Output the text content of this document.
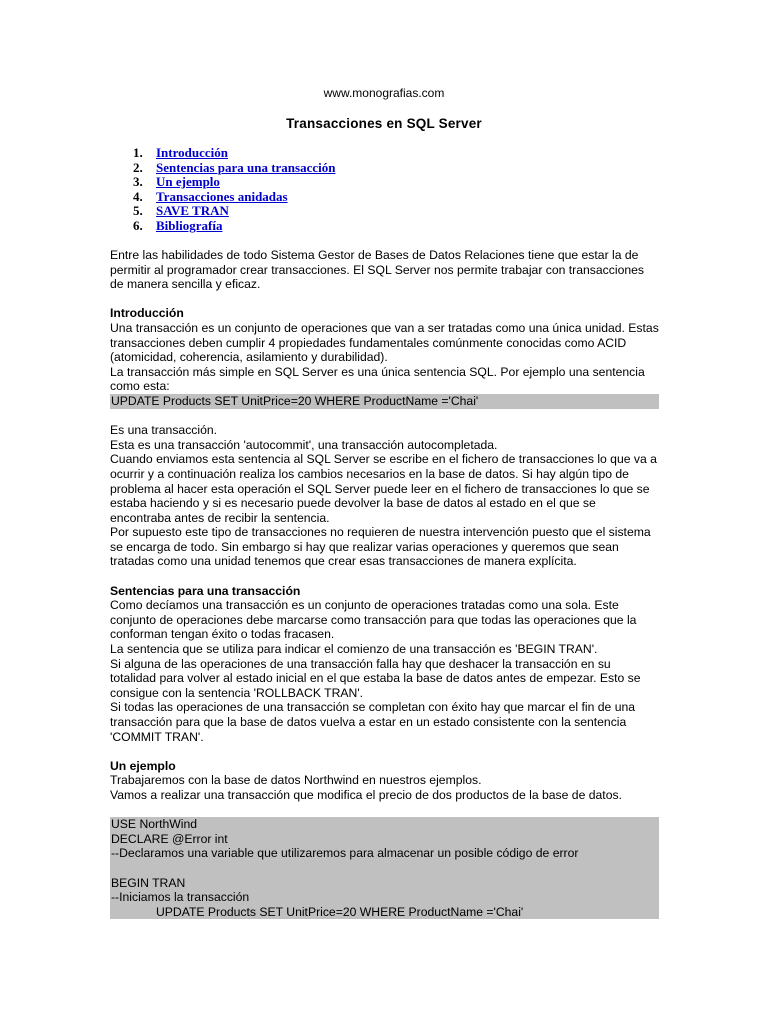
www.monografias.com
Transacciones en SQL Server
1. Introducción
2. Sentencias para una transacción
3. Un ejemplo
4. Transacciones anidadas
5. SAVE TRAN
6. Bibliografía

Entre las habilidades de todo Sistema Gestor de Bases de Datos Relaciones tiene que estar la de permitir al programador crear transacciones. El SQL Server nos permite trabajar con transacciones de manera sencilla y eficaz.

Introducción

Una transacción es un conjunto de operaciones que van a ser tratadas como una única unidad. Estas transacciones deben cumplir 4 propiedades fundamentales comúnmente conocidas como ACID (atomicidad, coherencia, asilamiento y durabilidad).

La transacción más simple en SQL Server es una única sentencia SQL. Por ejemplo una sentencia como esta:

UPDATE Products SET UnitPrice=20 WHERE ProductName ='Chai'

Es una transacción.

Esta es una transacción 'autocommit', una transacción autocompletada.

Cuando enviamos esta sentencia al SQL Server se escribe en el fichero de transacciones lo que va a ocurrir y a continuación realiza los cambios necesarios en la base de datos. Si hay algún tipo de problema al hacer esta operación el SQL Server puede leer en el fichero de transacciones lo que se estaba haciendo y si es necesario puede devolver la base de datos al estado en el que se encontraba antes de recibir la sentencia.

Por supuesto este tipo de transacciones no requieren de nuestra intervención puesto que el sistema se encarga de todo. Sin embargo si hay que realizar varias operaciones y queremos que sean tratadas como una unidad tenemos que crear esas transacciones de manera explícita.

Sentencias para una transacción

Como decíamos una transacción es un conjunto de operaciones tratadas como una sola. Este conjunto de operaciones debe marcarse como transacción para que todas las operaciones que la conforman tengan éxito o todas fracasen.

La sentencia que se utiliza para indicar el comienzo de una transacción es 'BEGIN TRAN'.

Si alguna de las operaciones de una transacción falla hay que deshacer la transacción en su totalidad para volver al estado inicial en el que estaba la base de datos antes de empezar. Esto se consigue con la sentencia 'ROLLBACK TRAN'.

Si todas las operaciones de una transacción se completan con éxito hay que marcar el fin de una transacción para que la base de datos vuelva a estar en un estado consistente con la sentencia 'COMMIT TRAN'.

Un ejemplo

Trabajaremos con la base de datos Northwind en nuestros ejemplos.

Vamos a realizar una transacción que modifica el precio de dos productos de la base de datos.

USE NorthWind
DECLARE @Error int
--Declaramos una variable que utilizaremos para almacenar un posible código de error
BEGIN TRAN
--Iniciamos la transacción
UPDATE Products SET UnitPrice=20 WHERE ProductName ='Chai'
